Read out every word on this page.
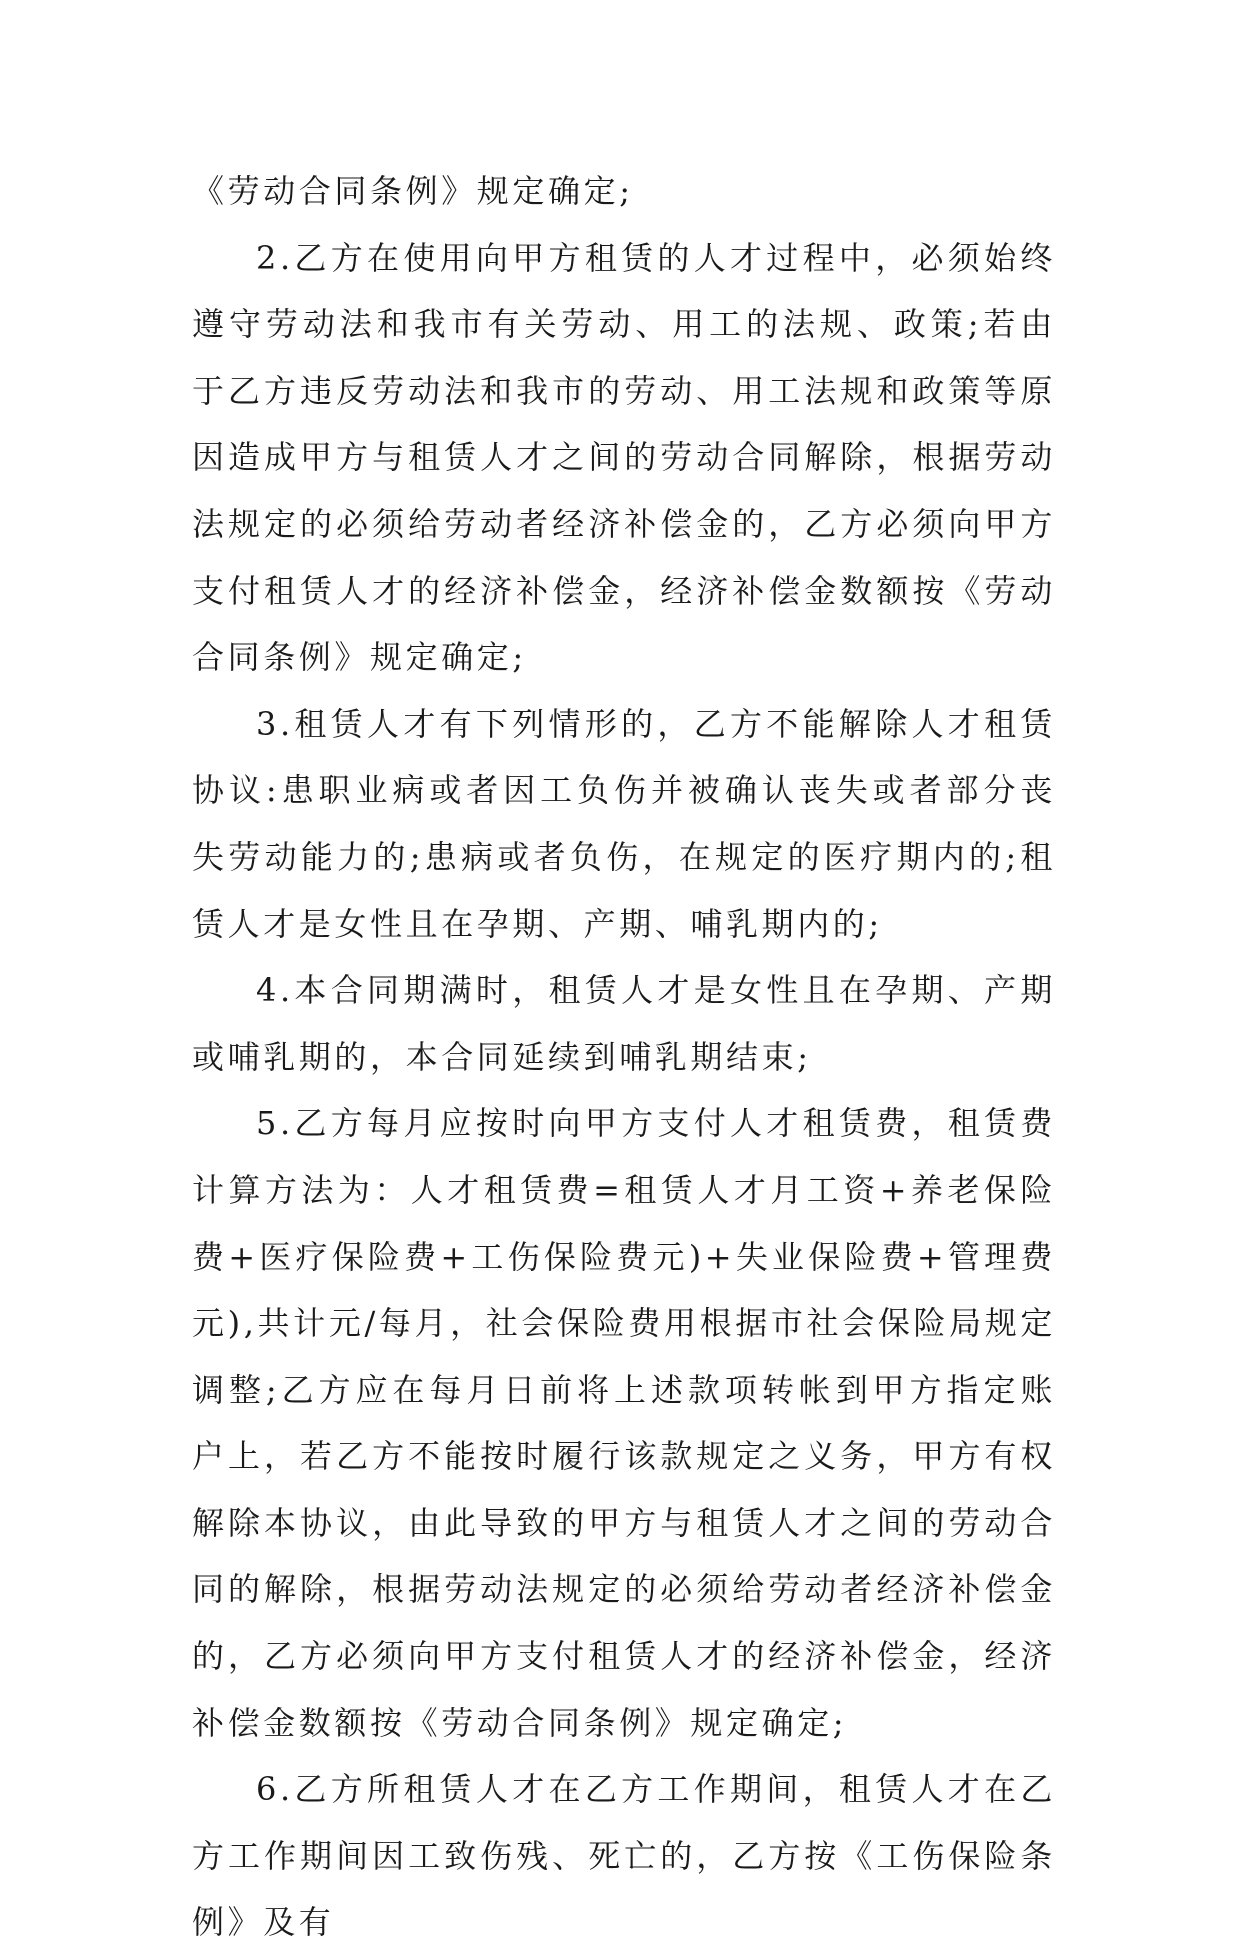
《劳动合同条例》规定确定;

2.乙方在使用向甲方租赁的人才过程中，必须始终遵守劳动法和我市有关劳动、用工的法规、政策;若由于乙方违反劳动法和我市的劳动、用工法规和政策等原因造成甲方与租赁人才之间的劳动合同解除，根据劳动法规定的必须给劳动者经济补偿金的，乙方必须向甲方支付租赁人才的经济补偿金，经济补偿金数额按《劳动合同条例》规定确定;

3.租赁人才有下列情形的，乙方不能解除人才租赁协议:患职业病或者因工负伤并被确认丧失或者部分丧失劳动能力的;患病或者负伤，在规定的医疗期内的;租赁人才是女性且在孕期、产期、哺乳期内的;

4.本合同期满时，租赁人才是女性且在孕期、产期或哺乳期的，本合同延续到哺乳期结束;

5.乙方每月应按时向甲方支付人才租赁费，租赁费计算方法为：人才租赁费=租赁人才月工资+养老保险费+医疗保险费+工伤保险费元)+失业保险费+管理费元),共计元/每月，社会保险费用根据市社会保险局规定调整;乙方应在每月日前将上述款项转帐到甲方指定账户上，若乙方不能按时履行该款规定之义务，甲方有权解除本协议，由此导致的甲方与租赁人才之间的劳动合同的解除，根据劳动法规定的必须给劳动者经济补偿金的，乙方必须向甲方支付租赁人才的经济补偿金，经济补偿金数额按《劳动合同条例》规定确定;

6.乙方所租赁人才在乙方工作期间，租赁人才在乙方工作期间因工致伤残、死亡的，乙方按《工伤保险条例》及有
